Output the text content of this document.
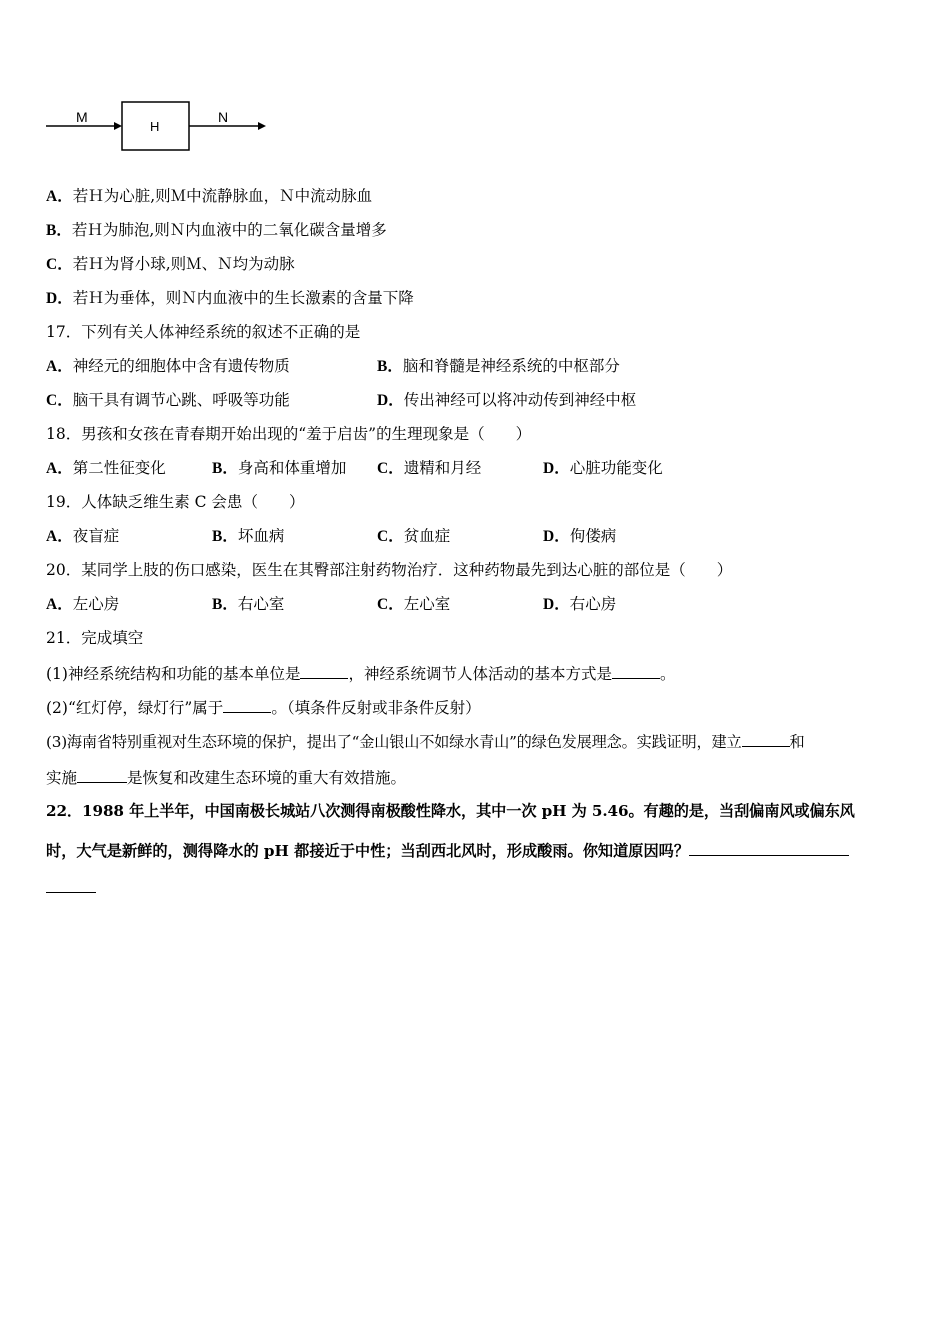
M
H
N
A．若Ｈ为心脏,则Ｍ中流静脉血，Ｎ中流动脉血
B．若Ｈ为肺泡,则Ｎ内血液中的二氧化碳含量增多
C．若Ｈ为肾小球,则Ｍ、Ｎ均为动脉
D．若Ｈ为垂体，则Ｎ内血液中的生长激素的含量下降
17．下列有关人体神经系统的叙述不正确的是
A．神经元的细胞体中含有遗传物质	B．脑和脊髓是神经系统的中枢部分
C．脑干具有调节心跳、呼吸等功能	D．传出神经可以将冲动传到神经中枢
18．男孩和女孩在青春期开始出现的“羞于启齿”的生理现象是（　　）
A．第二性征变化	B．身高和体重增加 C．遗精和月经	D．心脏功能变化
19．人体缺乏维生素 C 会患（　　）
A．夜盲症	B．坏血病	C．贫血症	D．佝偻病
20．某同学上肢的伤口感染，医生在其臀部注射药物治疗．这种药物最先到达心脏的部位是（　　）
A．左心房	B．右心室	C．左心室	D．右心房
21．完成填空
(1)神经系统结构和功能的基本单位是	，神经系统调节人体活动的基本方式是	。
(2)“红灯停，绿灯行”属于	。（填条件反射或非条件反射）
(3)海南省特别重视对生态环境的保护，提出了“金山银山不如绿水青山”的绿色发展理念。实践证明，建立	和
实施	是恢复和改建生态环境的重大有效措施。
22．1988 年上半年，中国南极长城站八次测得南极酸性降水，其中一次 pH 为 5.46。有趣的是，当刮偏南风或偏东风
时，大气是新鲜的，测得降水的 pH 都接近于中性；当刮西北风时，形成酸雨。你知道原因吗？
